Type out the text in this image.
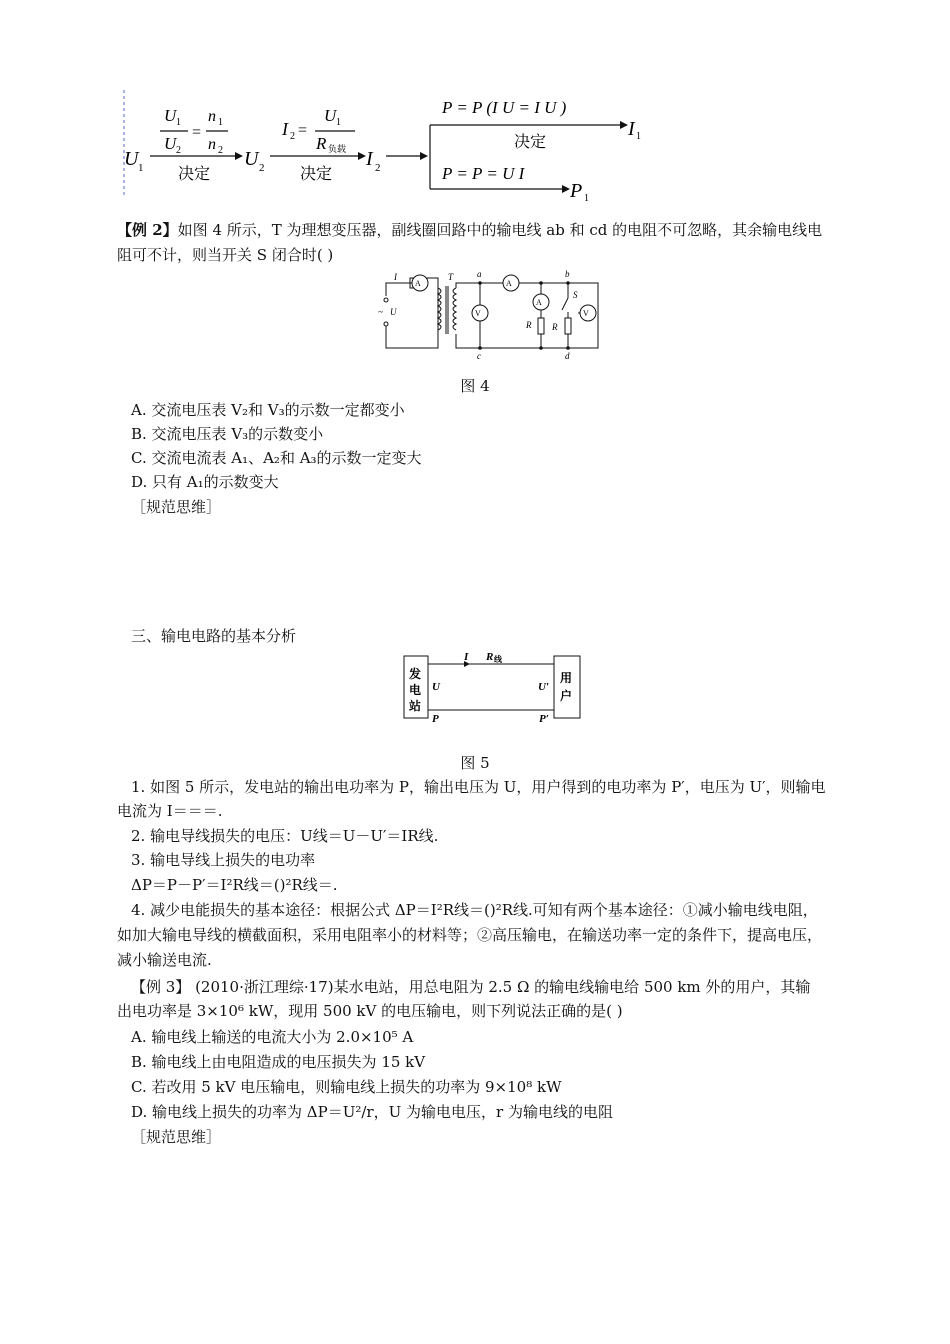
U 1
U 1
U 2
=
n 1
n 2
决定
U 2
I 2 =
U 1
R 负载
决定
I 2
P = P (I U = I U )
决定
I 1
P = P = U I
P 1
【例 2】如图 4 所示，T 为理想变压器，副线圈回路中的输电线 ab 和 cd 的电阻不可忽略，其余输电线电
阻可不计，则当开关 S 闭合时( )
I
U
~
T	a	b
c	d
S
R R
A
V
A
A
V
图 4
A. 交流电压表 V₂和 V₃的示数一定都变小
B. 交流电压表 V₃的示数变小
C. 交流电流表 A₁、A₂和 A₃的示数一定变大
D. 只有 A₁的示数变大
［规范思维］
三、输电电路的基本分析
发
电
站
用
户
I R 线
U	U′
P	P′
图 5
1. 如图 5 所示，发电站的输出电功率为 P，输出电压为 U，用户得到的电功率为 P′，电压为 U′，则输电
电流为 I＝＝＝.
2. 输电导线损失的电压：U线＝U－U′＝IR线.
3. 输电导线上损失的电功率
ΔP＝P－P′＝I²R线＝()²R线＝.
4. 减少电能损失的基本途径：根据公式 ΔP＝I²R线＝()²R线.可知有两个基本途径：①减小输电线电阻，
如加大输电导线的横截面积，采用电阻率小的材料等；②高压输电，在输送功率一定的条件下，提高电压，
减小输送电流.
【例 3】 (2010·浙江理综·17)某水电站，用总电阻为 2.5 Ω 的输电线输电给 500 km 外的用户，其输
出电功率是 3×10⁶ kW，现用 500 kV 的电压输电，则下列说法正确的是( )
A. 输电线上输送的电流大小为 2.0×10⁵ A
B. 输电线上由电阻造成的电压损失为 15 kV
C. 若改用 5 kV 电压输电，则输电线上损失的功率为 9×10⁸ kW
D. 输电线上损失的功率为 ΔP＝U²/r，U 为输电电压，r 为输电线的电阻
［规范思维］
